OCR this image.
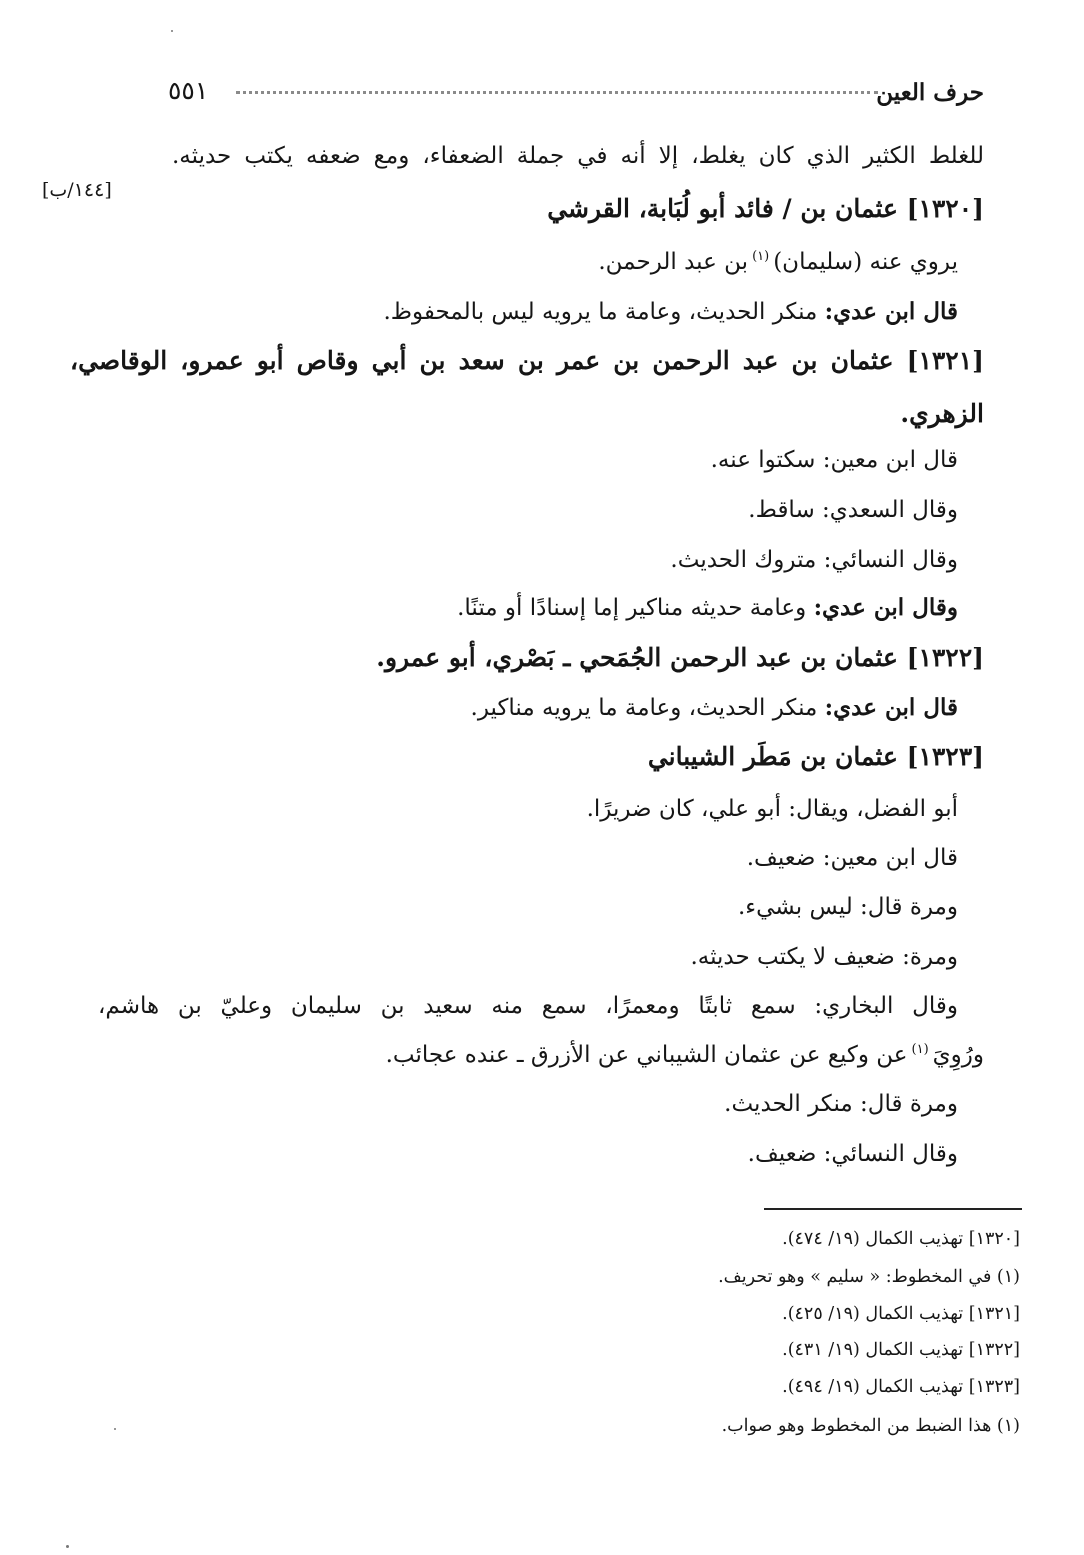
حرف العين
٥٥١
[١٤٤/ب]
للغلط الكثير الذي كان يغلط، إلا أنه في جملة الضعفاء، ومع ضعفه يكتب حديثه.
[١٣٢٠] عثمان بن / فائد أبو لُبَابة، القرشي
يروي عنه (سليمان)$^{(١)}$بن عبد الرحمن.
قال ابن عدي: منكر الحديث، وعامة ما يرويه ليس بالمحفوظ.
[١٣٢١] عثمان بن عبد الرحمن بن عمر بن سعد بن أبي وقاص أبو عمرو، الوقاصي،
الزهري.
قال ابن معين: سكتوا عنه.
وقال السعدي: ساقط.
وقال النسائي: متروك الحديث.
وقال ابن عدي: وعامة حديثه مناكير إما إسنادًا أو متنًا.
[١٣٢٢] عثمان بن عبد الرحمن الجُمَحي ـ بَصْري، أبو عمرو.
قال ابن عدي: منكر الحديث، وعامة ما يرويه مناكير.
[١٣٢٣] عثمان بن مَطَر الشيباني
أبو الفضل، ويقال: أبو علي، كان ضريرًا.
قال ابن معين: ضعيف.
ومرة قال: ليس بشيء.
ومرة: ضعيف لا يكتب حديثه.
وقال البخاري: سمع ثابتًا ومعمرًا، سمع منه سعيد بن سليمان وعليّ بن هاشم،
ورُوِيَ$^{(١)}$عن وكيع عن عثمان الشيباني عن الأزرق ـ عنده عجائب.
ومرة قال: منكر الحديث.
وقال النسائي: ضعيف.
[١٣٢٠] تهذيب الكمال (١٩/ ٤٧٤).
(١) في المخطوط: « سليم » وهو تحريف.
[١٣٢١] تهذيب الكمال (١٩/ ٤٢٥).
[١٣٢٢] تهذيب الكمال (١٩/ ٤٣١).
[١٣٢٣] تهذيب الكمال (١٩/ ٤٩٤).
(١) هذا الضبط من المخطوط وهو صواب.
